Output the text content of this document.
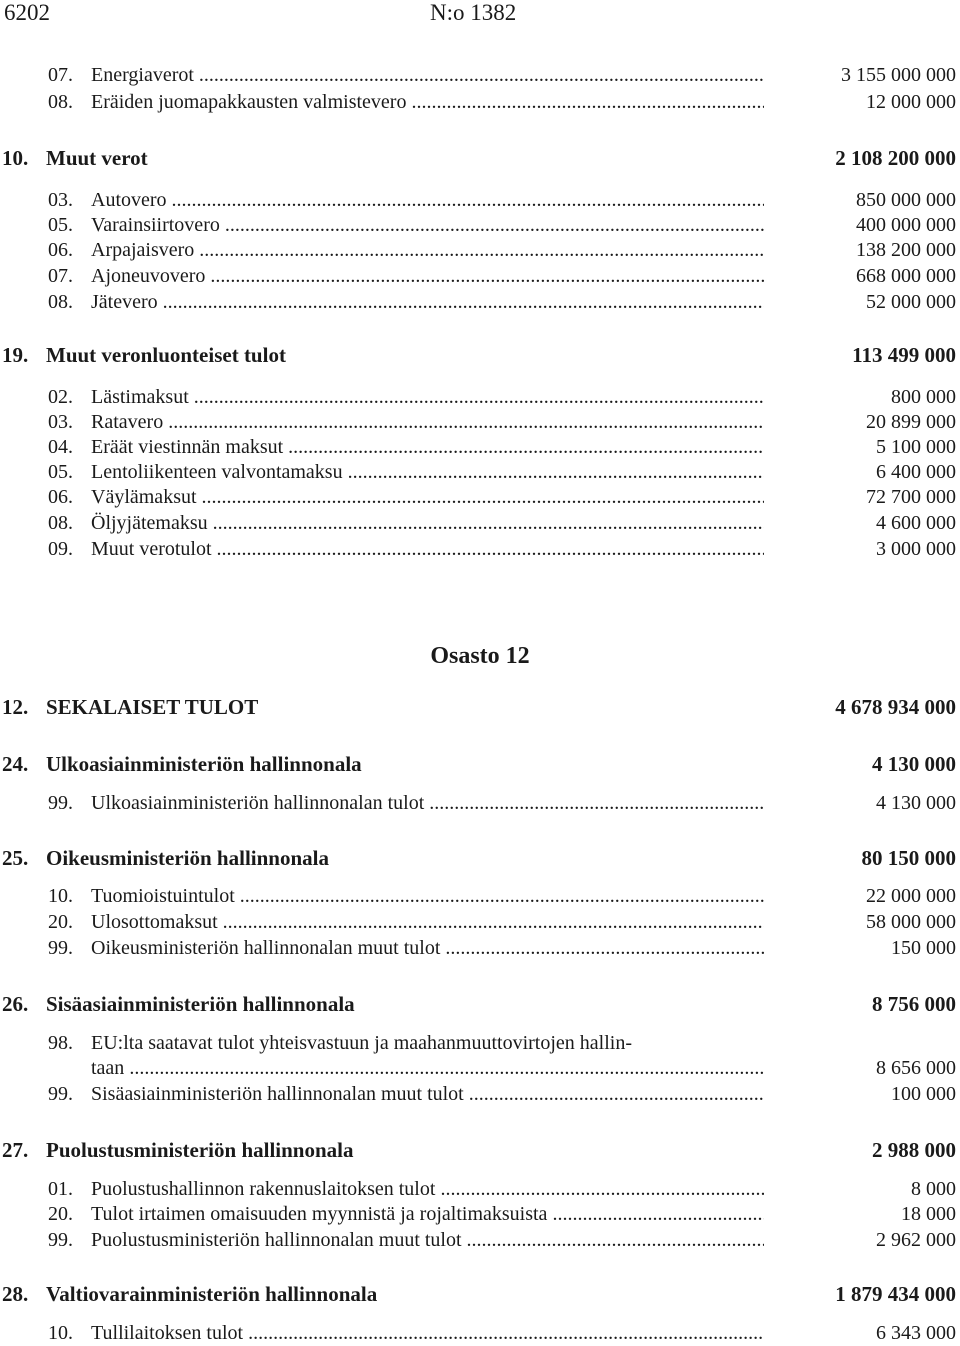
6202	N:o 1382
07. Energiaverot .....	3 155 000 000
08. Eräiden juomapakkausten valmistevero .....	12 000 000
10. Muut verot	2 108 200 000
03. Autovero .....	850 000 000
05. Varainsiirtovero .....	400 000 000
06. Arpajaisvero .....	138 200 000
07. Ajoneuvovero .....	668 000 000
08. Jätevero .....	52 000 000
19. Muut veronluonteiset tulot	113 499 000
02. Lästimaksut .....	800 000
03. Ratavero .....	20 899 000
04. Eräät viestinnän maksut .....	5 100 000
05. Lentoliikenteen valvontamaksu .....	6 400 000
06. Väylämaksut .....	72 700 000
08. Öljyjätemaksu .....	4 600 000
09. Muut verotulot .....	3 000 000
Osasto 12
12. SEKALAISET TULOT	4 678 934 000
24. Ulkoasiainministeriön hallinnonala	4 130 000
99. Ulkoasiainministeriön hallinnonalan tulot .....	4 130 000
25. Oikeusministeriön hallinnonala	80 150 000
10. Tuomioistuintulot .....	22 000 000
20. Ulosottomaksut .....	58 000 000
99. Oikeusministeriön hallinnonalan muut tulot .....	150 000
26. Sisäasiainministeriön hallinnonala	8 756 000
98. EU:lta saatavat tulot yhteisvastuun ja maahanmuuttovirtojen hallin-
taan .....	8 656 000
99. Sisäasiainministeriön hallinnonalan muut tulot .....	100 000
27. Puolustusministeriön hallinnonala	2 988 000
01. Puolustushallinnon rakennuslaitoksen tulot .....	8 000
20. Tulot irtaimen omaisuuden myynnistä ja rojaltimaksuista .....	18 000
99. Puolustusministeriön hallinnonalan muut tulot .....	2 962 000
28. Valtiovarainministeriön hallinnonala	1 879 434 000
10. Tullilaitoksen tulot .....	6 343 000
